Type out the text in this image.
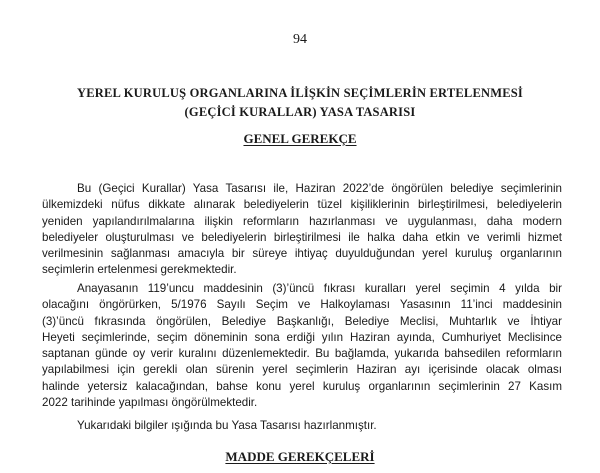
94
YEREL KURULUŞ ORGANLARINA İLİŞKİN SEÇİMLERİN ERTELENMESİ
(GEÇİCİ KURALLAR) YASA TASARISI
GENEL GEREKÇE
Bu (Geçici Kurallar) Yasa Tasarısı ile, Haziran 2022’de öngörülen belediye seçimlerinin
ülkemizdeki nüfus dikkate alınarak belediyelerin tüzel kişiliklerinin birleştirilmesi, belediyelerin
yeniden yapılandırılmalarına ilişkin reformların hazırlanması ve uygulanması, daha modern
belediyeler oluşturulması ve belediyelerin birleştirilmesi ile halka daha etkin ve verimli hizmet
verilmesinin sağlanması amacıyla bir süreye ihtiyaç duyulduğundan yerel kuruluş organlarının
seçimlerin ertelenmesi gerekmektedir.
Anayasanın 119’uncu maddesinin (3)’üncü fıkrası kuralları yerel seçimin 4 yılda bir
olacağını öngörürken, 5/1976 Sayılı Seçim ve Halkoylaması Yasasının 11’inci maddesinin
(3)’üncü fıkrasında öngörülen, Belediye Başkanlığı, Belediye Meclisi, Muhtarlık ve İhtiyar
Heyeti seçimlerinde, seçim döneminin sona erdiği yılın Haziran ayında, Cumhuriyet Meclisince
saptanan günde oy verir kuralını düzenlemektedir. Bu bağlamda, yukarıda bahsedilen reformların
yapılabilmesi için gerekli olan sürenin yerel seçimlerin Haziran ayı içerisinde olacak olması
halinde yetersiz kalacağından, bahse konu yerel kuruluş organlarının seçimlerinin 27 Kasım
2022 tarihinde yapılması öngörülmektedir.
Yukarıdaki bilgiler ışığında bu Yasa Tasarısı hazırlanmıştır.
MADDE GEREKÇELERİ
